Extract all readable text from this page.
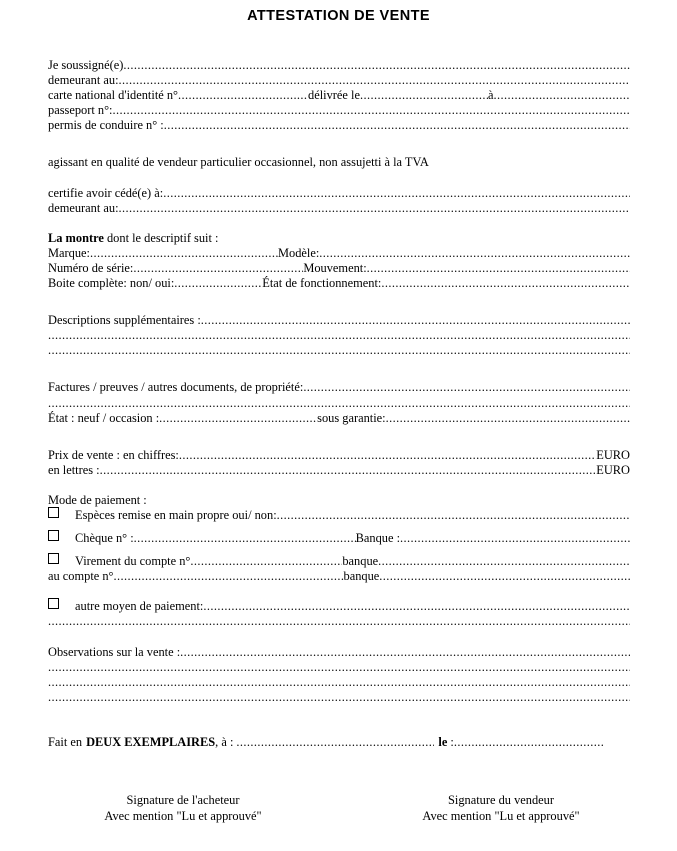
ATTESTATION DE VENTE
Je soussigné(e)
.....
demeurant au:
.....
carte national d'identité n° .....	délivrée le .....	à
.....
passeport n°:
.....
permis de conduire n° :
.....
agissant en qualité de vendeur particulier occasionnel, non assujetti à la TVA
certifie avoir cédé(e) à:
.....
demeurant au:
.....
La montre dont le descriptif suit :
Marque: .....	Modèle:
.....
Numéro de série: .....	Mouvement:
.....
Boite complète: non/ oui: .....	État de fonctionnement:
.....
Descriptions supplémentaires :
.....
.....
.....
Factures / preuves / autres documents, de propriété:
.....
.....
État : neuf / occasion : .....	sous garantie:
.....
Prix de vente : en chiffres: .....	EURO
en lettres : .....	EURO
Mode de paiement :
Espèces remise en main propre oui/ non:
.....
Chèque n° : .....	Banque :
.....
Virement du compte n° .....	banque
.....
au compte n° .....	banque
.....
autre moyen de paiement:
.....
.....
Observations sur la vente :
.....
.....
.....
.....
Fait en DEUX EXEMPLAIRES , à : .....	le :
.....
Signature de l'acheteur
Avec mention "Lu et approuvé"
Signature du vendeur
Avec mention "Lu et approuvé"
